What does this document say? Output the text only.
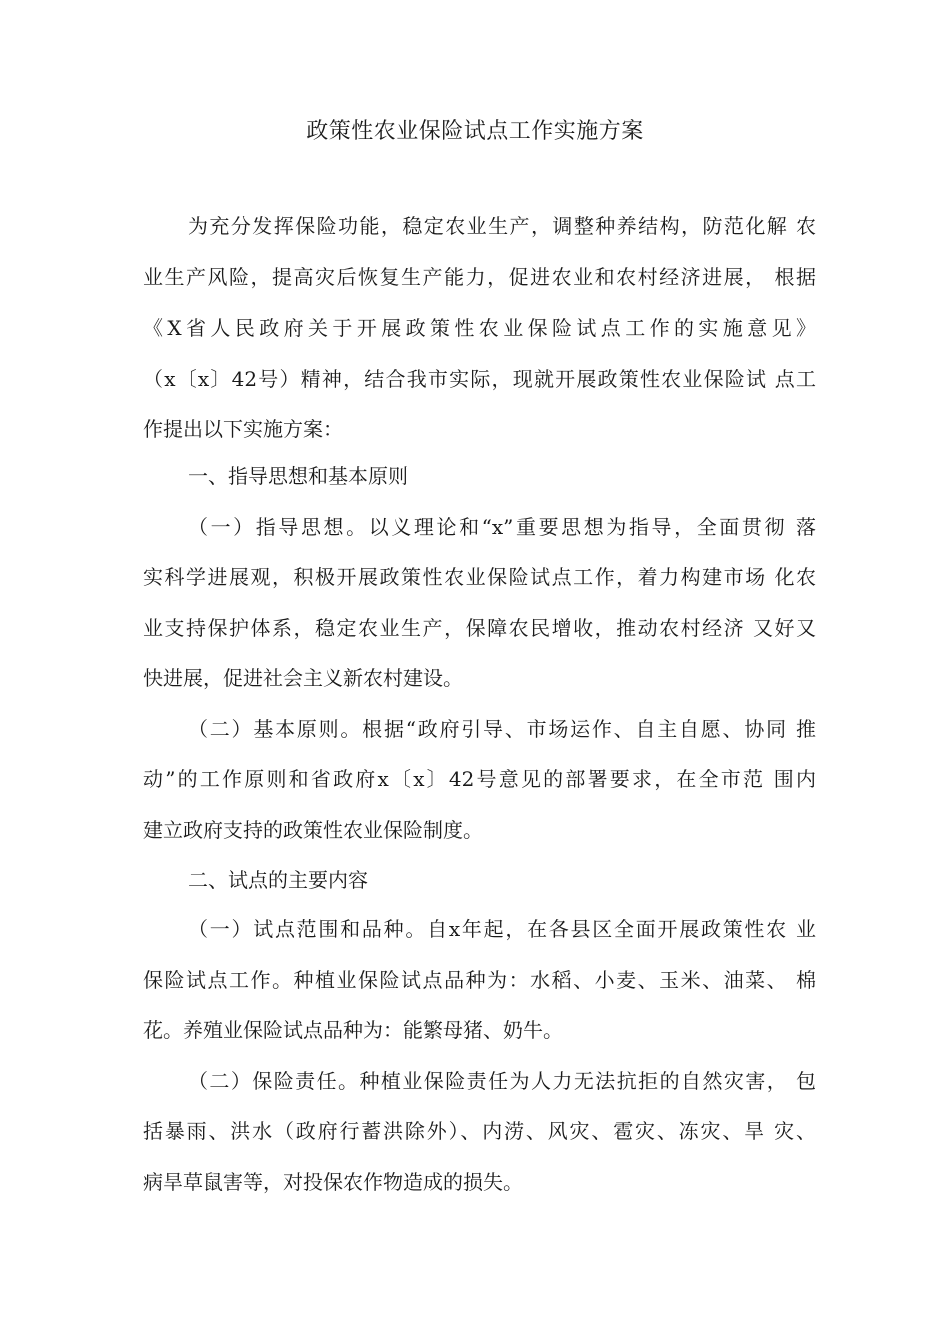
政策性农业保险试点工作实施方案
为充分发挥保险功能，稳定农业生产，调整种养结构，防范化解 农
业生产风险，提高灾后恢复生产能力，促进农业和农村经济进展， 根据
《X省人民政府关于开展政策性农业保险试点工作的实施意见》
（x〔x〕42号）精神，结合我市实际，现就开展政策性农业保险试 点工
作提出以下实施方案：
一、指导思想和基本原则
（一）指导思想。以义理论和“x”重要思想为指导，全面贯彻 落
实科学进展观，积极开展政策性农业保险试点工作，着力构建市场 化农
业支持保护体系，稳定农业生产，保障农民增收，推动农村经济 又好又
快进展，促进社会主义新农村建设。
（二）基本原则。根据“政府引导、市场运作、自主自愿、协同 推
动”的工作原则和省政府x〔x〕42号意见的部署要求，在全市范 围内
建立政府支持的政策性农业保险制度。
二、试点的主要内容
（一）试点范围和品种。自x年起，在各县区全面开展政策性农 业
保险试点工作。种植业保险试点品种为：水稻、小麦、玉米、油菜、 棉
花。养殖业保险试点品种为：能繁母猪、奶牛。
（二）保险责任。种植业保险责任为人力无法抗拒的自然灾害， 包
括暴雨、洪水（政府行蓄洪除外）、内涝、风灾、雹灾、冻灾、旱 灾、
病旱草鼠害等，对投保农作物造成的损失。
